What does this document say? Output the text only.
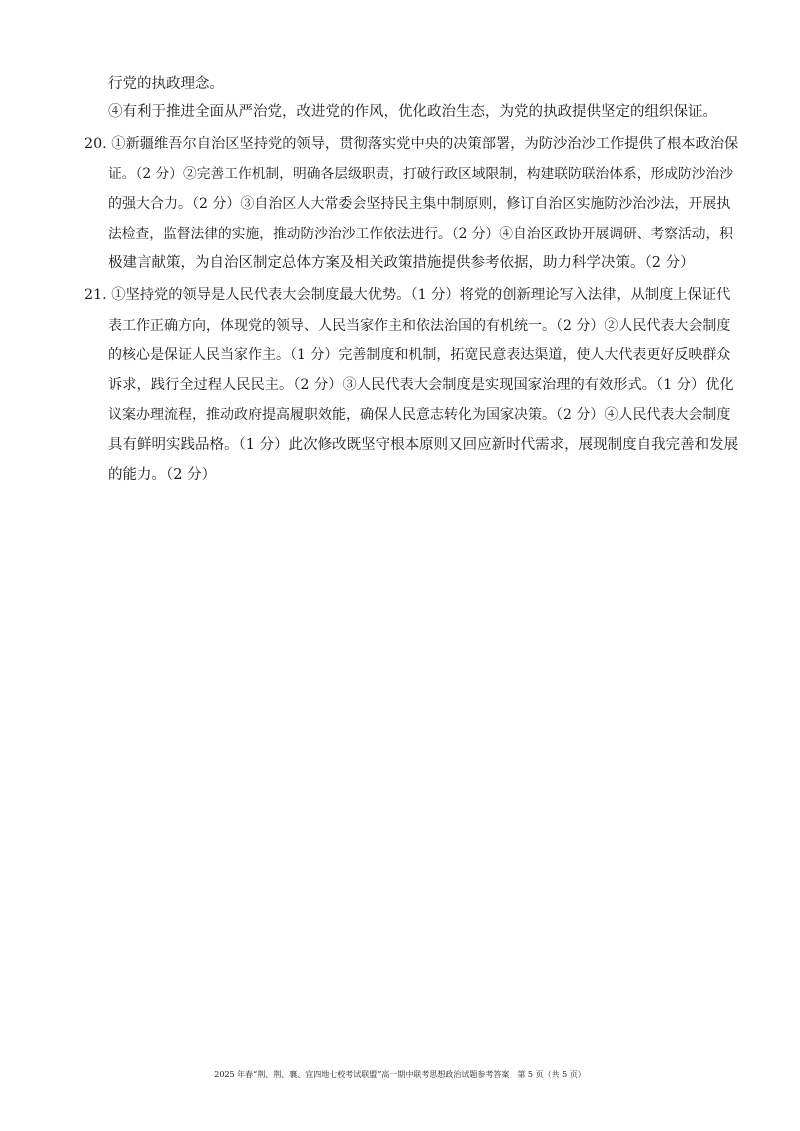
行党的执政理念。
④有利于推进全面从严治党，改进党的作风，优化政治生态，为党的执政提供坚定的组织保证。
20. ①新疆维吾尔自治区坚持党的领导，贯彻落实党中央的决策部署，为防沙治沙工作提供了根本政治保
证。（2 分）②完善工作机制，明确各层级职责，打破行政区域限制，构建联防联治体系，形成防沙治沙
的强大合力。（2 分）③自治区人大常委会坚持民主集中制原则，修订自治区实施防沙治沙法，开展执
法检查，监督法律的实施，推动防沙治沙工作依法进行。（2 分）④自治区政协开展调研、考察活动，积
极建言献策，为自治区制定总体方案及相关政策措施提供参考依据，助力科学决策。（2 分）
21. ①坚持党的领导是人民代表大会制度最大优势。（1 分）将党的创新理论写入法律，从制度上保证代
表工作正确方向，体现党的领导、人民当家作主和依法治国的有机统一。（2 分）②人民代表大会制度
的核心是保证人民当家作主。（1 分）完善制度和机制，拓宽民意表达渠道，使人大代表更好反映群众
诉求，践行全过程人民民主。（2 分）③人民代表大会制度是实现国家治理的有效形式。（1 分）优化
议案办理流程，推动政府提高履职效能，确保人民意志转化为国家决策。（2 分）④人民代表大会制度
具有鲜明实践品格。（1 分）此次修改既坚守根本原则又回应新时代需求，展现制度自我完善和发展
的能力。（2 分）
2025 年春“荆、荆、襄、宜四地七校考试联盟”高一期中联考思想政治试题参考答案　第 5 页（共 5 页）
